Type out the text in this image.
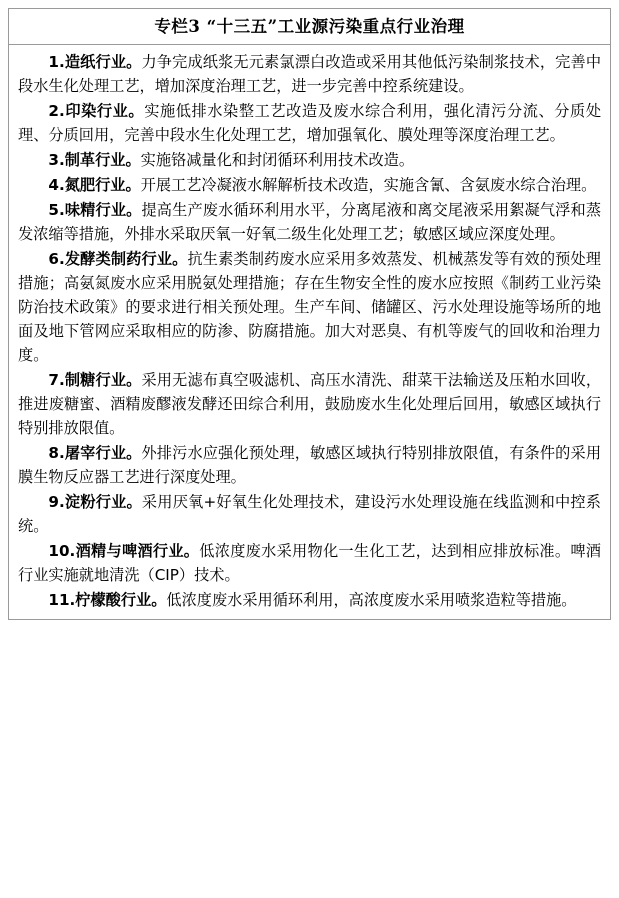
专栏3 “十三五”工业源污染重点行业治理

1.造纸行业。力争完成纸浆无元素氯漂白改造或采用其他低污染制浆技术，完善中段水生化处理工艺，增加深度治理工艺，进一步完善中控系统建设。

2.印染行业。实施低排水染整工艺改造及废水综合利用，强化清污分流、分质处理、分质回用，完善中段水生化处理工艺，增加强氧化、膜处理等深度治理工艺。

3.制革行业。实施铬减量化和封闭循环利用技术改造。

4.氮肥行业。开展工艺冷凝液水解解析技术改造，实施含氰、含氨废水综合治理。

5.味精行业。提高生产废水循环利用水平，分离尾液和离交尾液采用絮凝气浮和蒸发浓缩等措施，外排水采取厌氧一好氧二级生化处理工艺；敏感区域应深度处理。

6.发酵类制药行业。抗生素类制药废水应采用多效蒸发、机械蒸发等有效的预处理措施；高氨氮废水应采用脱氨处理措施；存在生物安全性的废水应按照《制药工业污染防治技术政策》的要求进行相关预处理。生产车间、储罐区、污水处理设施等场所的地面及地下管网应采取相应的防渗、防腐措施。加大对恶臭、有机等废气的回收和治理力度。

7.制糖行业。采用无滤布真空吸滤机、高压水清洗、甜菜干法输送及压粕水回收，推进废糖蜜、酒精废醪液发酵还田综合利用，鼓励废水生化处理后回用，敏感区域执行特别排放限值。

8.屠宰行业。外排污水应强化预处理，敏感区域执行特别排放限值，有条件的采用膜生物反应器工艺进行深度处理。

9.淀粉行业。采用厌氧+好氧生化处理技术，建设污水处理设施在线监测和中控系统。

10.酒精与啤酒行业。低浓度废水采用物化一生化工艺，达到相应排放标准。啤酒行业实施就地清洗（CIP）技术。

11.柠檬酸行业。低浓度废水采用循环利用，高浓度废水采用喷浆造粒等措施。
